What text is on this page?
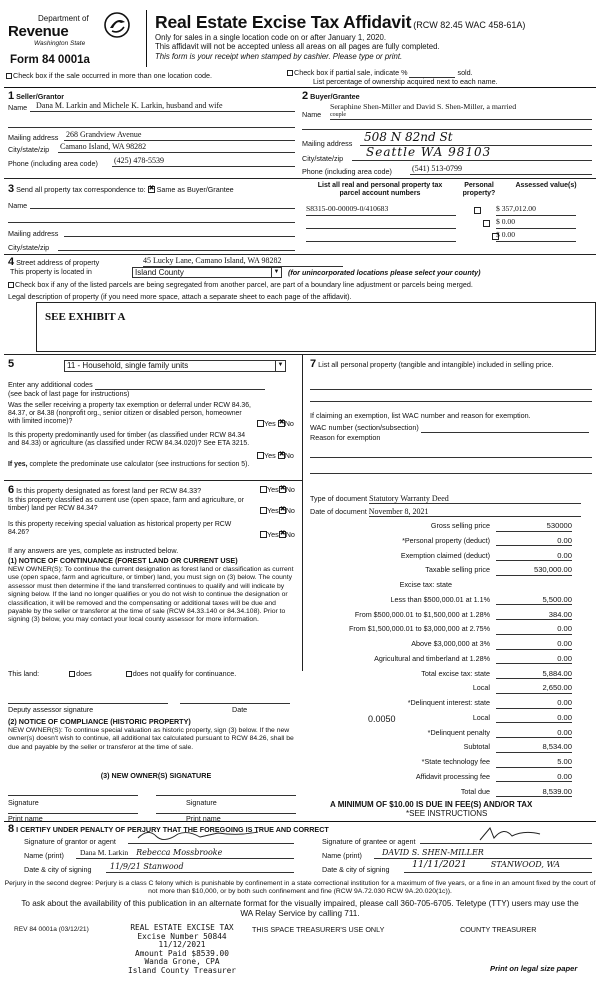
Department of
Revenue
Washington State
Form 84 0001a
Real Estate Excise Tax Affidavit (RCW 82.45 WAC 458-61A)
Only for sales in a single location code on or after January 1, 2020.
This affidavit will not be accepted unless all areas on all pages are fully completed.
This form is your receipt when stamped by cashier. Please type or print.
Check box if the sale occurred in more than one location code.	Check box if partial sale, indicate %	sold.
List percentage of ownership acquired next to each name.
1 Seller/Grantor
Name	Dana M. Larkin and Michele K. Larkin, husband and wife
Mailing address 268 Grandview Avenue
City/state/zip Camano Island, WA 98282
Phone (including area code) (425) 478-5539
2 Buyer/Grantee
Name
Seraphine Shen-Miller and David S. Shen-Miller, a married
couple
Mailing address 508 N 82nd St
City/state/zip	Seattle WA 98103
Phone (including area code)	(541) 513-0799
3 Send all property tax correspondence to: ✖ Same as Buyer/Grantee
Name
Mailing address
City/state/zip
List all real and personal property tax parcel account numbers
Personal property?
Assessed value(s)
S8315-00-00009-0/410683
	$ 357,012.00

$ 0.00
$ 0.00
4 Street address of property	45 Lucky Lane, Camano Island, WA 98282
This property is located in	Island County	▼ (for unincorporated locations please select your county)
Check box if any of the listed parcels are being segregated from another parcel, are part of a boundary line adjustment or parcels being merged.
Legal description of property (if you need more space, attach a separate sheet to each page of the affidavit).
SEE EXHIBIT A
5	11 - Household, single family units	▼
Enter any additional codes
(see back of last page for instructions)
Was the seller receiving a property tax exemption or deferral under RCW 84.36, 84.37, or 84.38 (nonprofit org., senior citizen or disabled person, homeowner with limited income)?	Yes ✖ No
Is this property predominantly used for timber (as classified under RCW 84.34 and 84.33) or agriculture (as classified under RCW 84.34.020)? See ETA 3215.
Yes ✖ No
If yes, complete the predominate use calculator (see instructions for section 5).
6 Is this property designated as forest land per RCW 84.33?	Yes ✖ No
Is this property classified as current use (open space, farm and agriculture, or timber) land per RCW 84.34?	Yes ✖ No
Is this property receiving special valuation as historical property per RCW 84.26?	Yes ✖ No
If any answers are yes, complete as instructed below.
(1) NOTICE OF CONTINUANCE (FOREST LAND OR CURRENT USE)
NEW OWNER(S): To continue the current designation as forest land or classification as current use (open space, farm and agriculture, or timber) land, you must sign on (3) below. The county assessor must then determine if the land transferred continues to qualify and will indicate by signing below. If the land no longer qualifies or you do not wish to continue the designation or classification, it will be removed and the compensating or additional taxes will be due and payable by the seller or transferor at the time of sale (RCW 84.33.140 or 84.34.108). Prior to signing (3) below, you may contact your local county assessor for more information.
This land:	does	does not qualify for continuance.
Deputy assessor signature	Date
(2) NOTICE OF COMPLIANCE (HISTORIC PROPERTY)
NEW OWNER(S): To continue special valuation as historic property, sign (3) below. If the new owner(s) doesn't wish to continue, all additional tax calculated pursuant to RCW 84.26, shall be due and payable by the seller or transferor at the time of sale.
(3) NEW OWNER(S) SIGNATURE
Signature	Signature
Print name	Print name
7 List all personal property (tangible and intangible) included in selling price.
If claiming an exemption, list WAC number and reason for exemption.
WAC number (section/subsection)
Reason for exemption
Type of document Statutory Warranty Deed
Date of document November 8, 2021
Gross selling price	530000
*Personal property (deduct)	0.00
Exemption claimed (deduct)	0.00
Taxable selling price	530,000.00
Excise tax: state
Less than $500,000.01 at 1.1%	5,500.00
From $500,000.01 to $1,500,000 at 1.28%	384.00
From $1,500,000.01 to $3,000,000 at 2.75%	0.00
Above $3,000,000 at 3%	0.00
Agricultural and timberland at 1.28%	0.00
Total excise tax: state	5,884.00
Local	2,650.00
*Delinquent interest: state	0.00
Local	0.00
*Delinquent penalty	0.00
Subtotal	8,534.00
*State technology fee	5.00
Affidavit processing fee	0.00
Total due	8,539.00
0.0050
A MINIMUM OF $10.00 IS DUE IN FEE(S) AND/OR TAX
*SEE INSTRUCTIONS
8 I CERTIFY UNDER PENALTY OF PERJURY THAT THE FOREGOING IS TRUE AND CORRECT
Signature of grantor or agent
Name (print)	Dana M. Larkin Rebecca Mossbrooke
Date & city of signing	11/9/21 Stanwood
Signature of grantee or agent
Name (print)	DAVID S. SHEN-MILLER
Date & city of signing	11/11/2021	STANWOOD, WA
Perjury in the second degree: Perjury is a class C felony which is punishable by confinement in a state correctional institution for a maximum of five years, or a fine in an amount fixed by the court of not more than $10,000, or by both such confinement and fine (RCW 9A.72.030 RCW 9A.20.020(1c)).
To ask about the availability of this publication in an alternate format for the visually impaired, please call 360-705-6705. Teletype (TTY) users may use the WA Relay Service by calling 711.
REV 84 0001a (03/12/21)	REAL ESTATE EXCISE TAX
Excise Number 50844
11/12/2021
Amount Paid $8539.00
Wanda Grone, CPA
Island County Treasurer
THIS SPACE TREASURER'S USE ONLY	COUNTY TREASURER
Print on legal size paper
